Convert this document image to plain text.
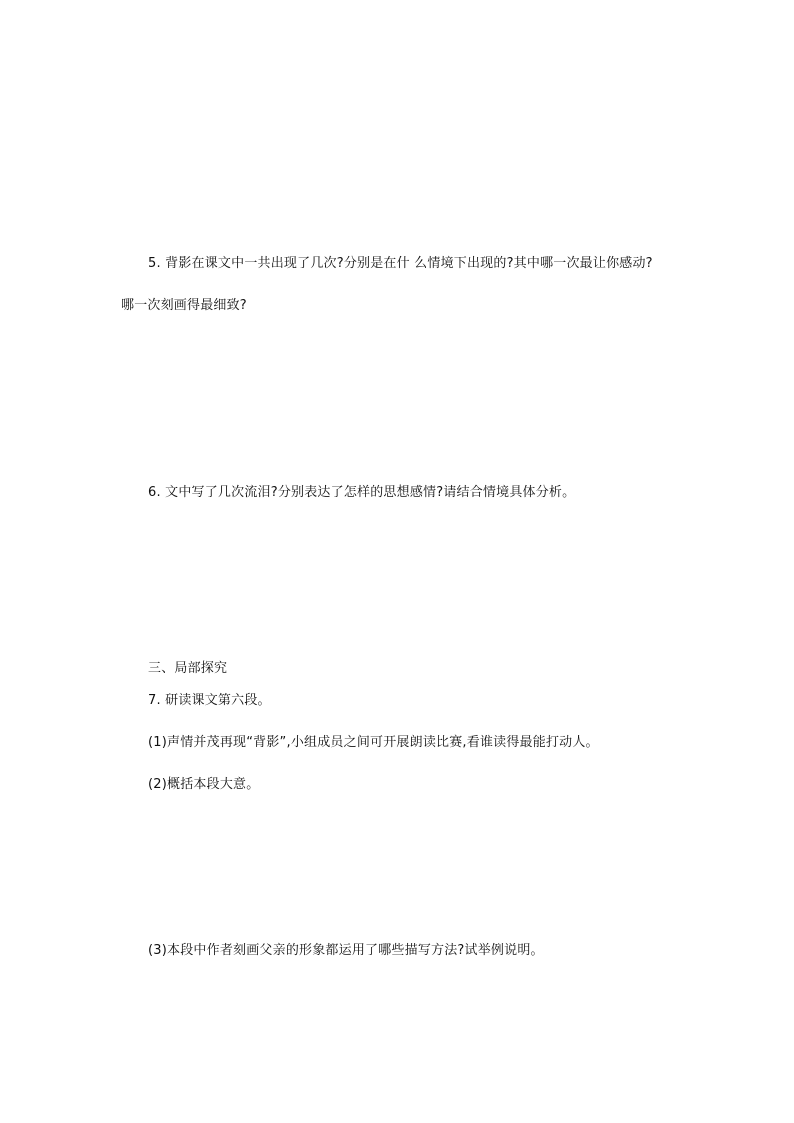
5. 背影在课文中一共出现了几次?分别是在什 么情境下出现的?其中哪一次最让你感动?
哪一次刻画得最细致?
6. 文中写了几次流泪?分别表达了怎样的思想感情?请结合情境具体分析。
三、局部探究
7. 研读课文第六段。
(1)声情并茂再现“背影”,小组成员之间可开展朗读比赛,看谁读得最能打动人。
(2)概括本段大意。
(3)本段中作者刻画父亲的形象都运用了哪些描写方法?试举例说明。
